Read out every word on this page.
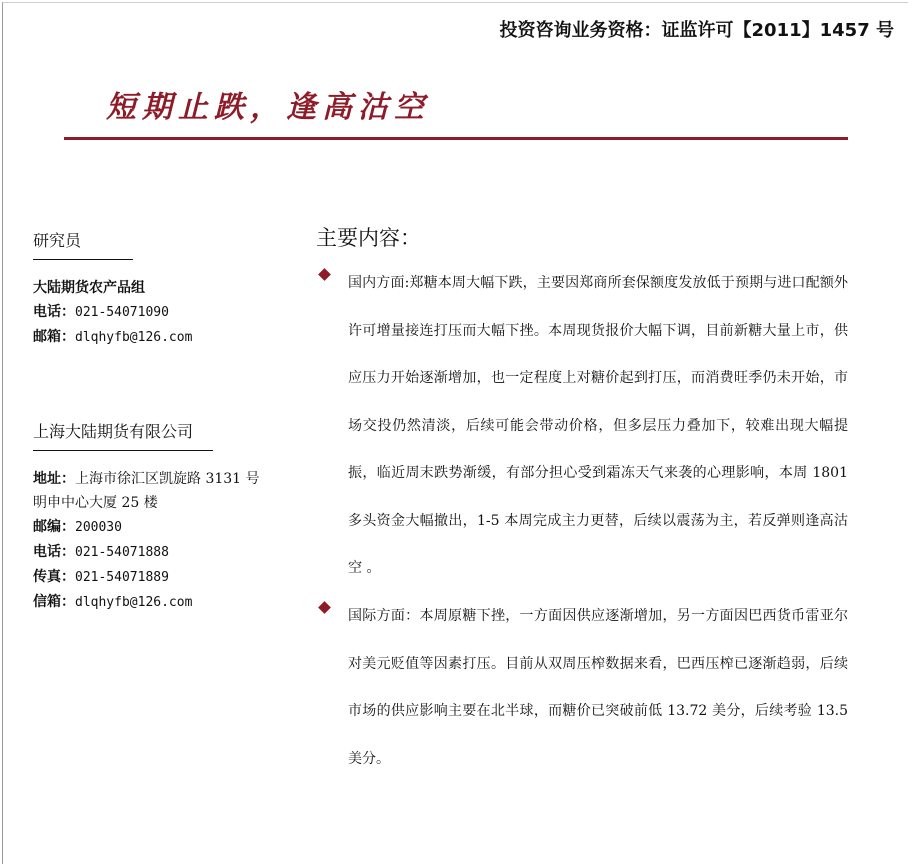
投资咨询业务资格：证监许可【2011】1457 号
短期止跌，逢高沽空
研究员
大陆期货农产品组
电话：021-54071090
邮箱：dlqhyfb@126.com
上海大陆期货有限公司
地址：上海市徐汇区凯旋路 3131 号
明申中心大厦 25 楼
邮编：200030
电话：021-54071888
传真：021-54071889
信箱：dlqhyfb@126.com
主要内容：
国内方面:郑糖本周大幅下跌，主要因郑商所套保额度发放低于预期与进口配额外许可增量接连打压而大幅下挫。本周现货报价大幅下调，目前新糖大量上市，供应压力开始逐渐增加，也一定程度上对糖价起到打压，而消费旺季仍未开始，市场交投仍然清淡，后续可能会带动价格，但多层压力叠加下，较难出现大幅提振，临近周末跌势渐缓，有部分担心受到霜冻天气来袭的心理影响，本周 1801 多头资金大幅撤出，1-5 本周完成主力更替，后续以震荡为主，若反弹则逢高沽空 。
国际方面：本周原糖下挫，一方面因供应逐渐增加，另一方面因巴西货币雷亚尔对美元贬值等因素打压。目前从双周压榨数据来看，巴西压榨已逐渐趋弱，后续市场的供应影响主要在北半球，而糖价已突破前低 13.72 美分，后续考验 13.5 美分。
